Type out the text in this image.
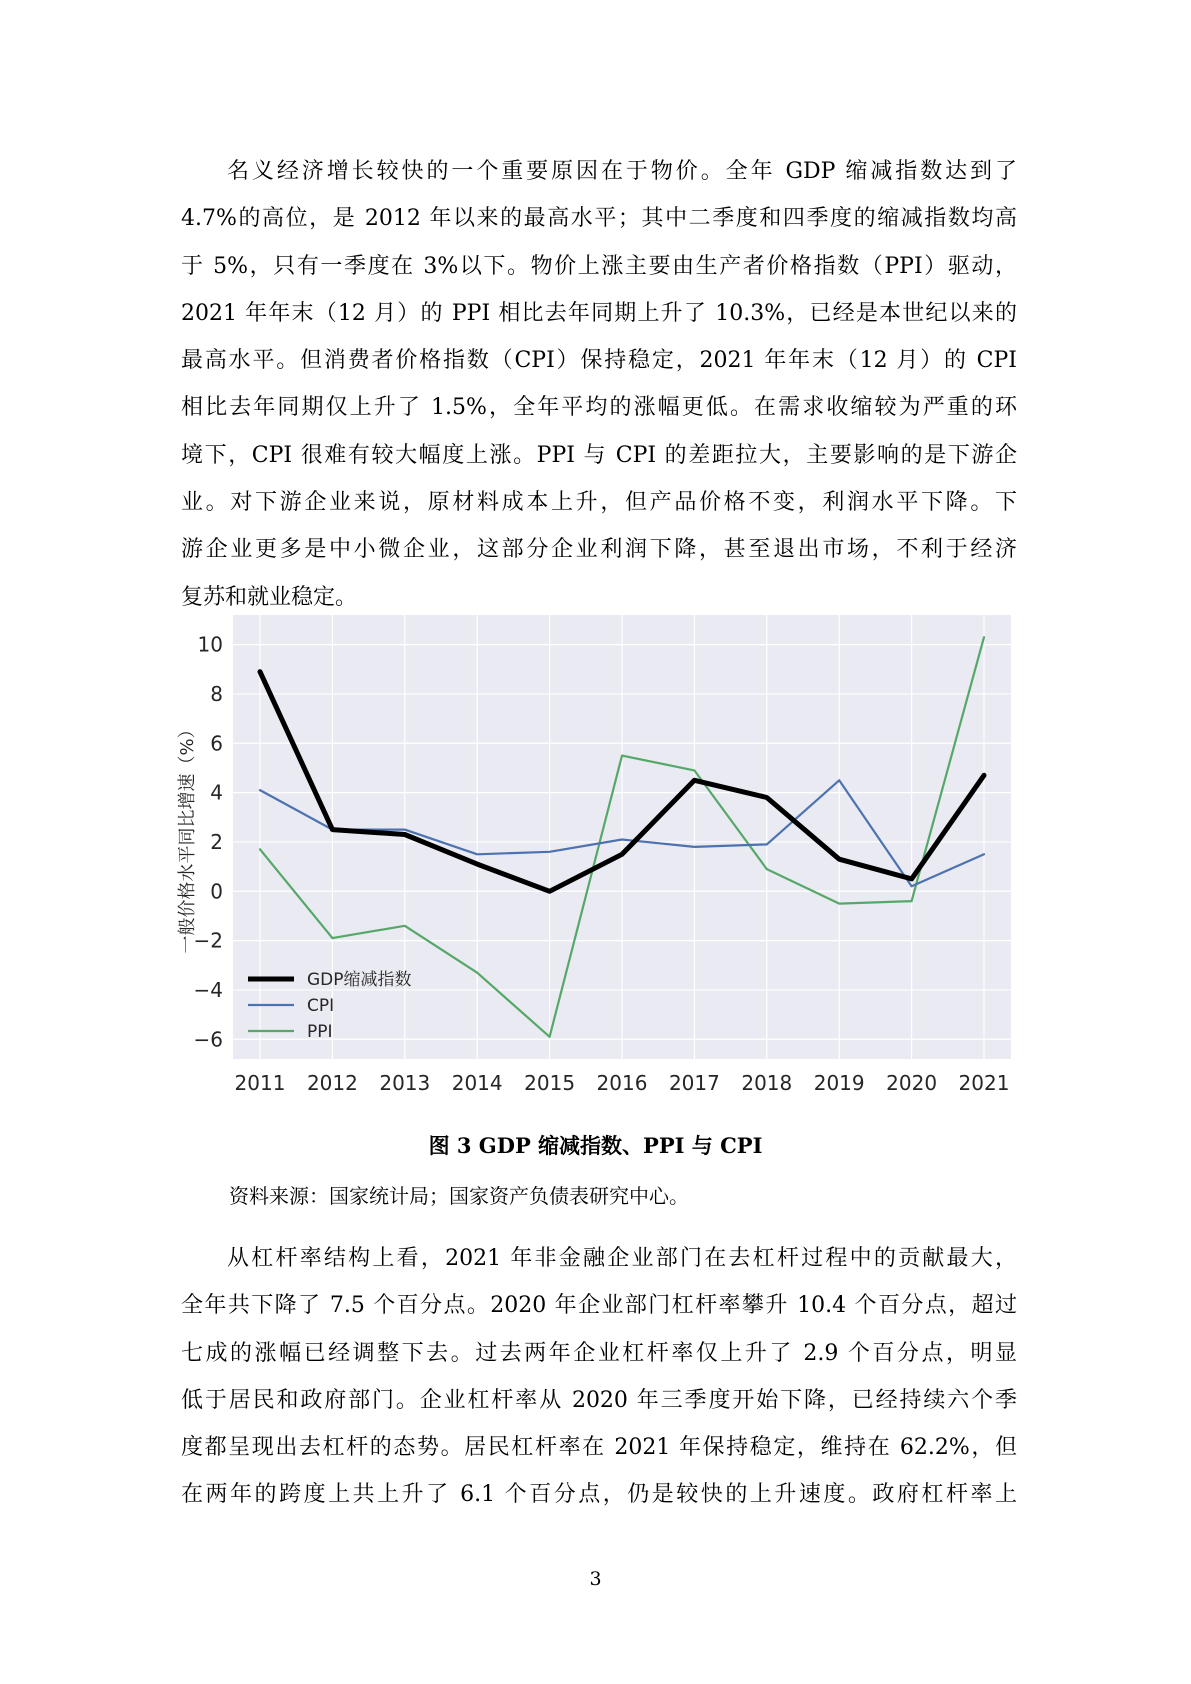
名义经济增长较快的一个重要原因在于物价。全年 GDP 缩减指数达到了
4.7%的高位，是 2012 年以来的最高水平；其中二季度和四季度的缩减指数均高
于 5%，只有一季度在 3%以下。物价上涨主要由生产者价格指数（PPI）驱动，
2021 年年末（12 月）的 PPI 相比去年同期上升了 10.3%，已经是本世纪以来的
最高水平。但消费者价格指数（CPI）保持稳定，2021 年年末（12 月）的 CPI
相比去年同期仅上升了 1.5%，全年平均的涨幅更低。在需求收缩较为严重的环
境下，CPI 很难有较大幅度上涨。PPI 与 CPI 的差距拉大，主要影响的是下游企
业。对下游企业来说，原材料成本上升，但产品价格不变，利润水平下降。下
游企业更多是中小微企业，这部分企业利润下降，甚至退出市场，不利于经济
复苏和就业稳定。
−6
−4
−2
0
2
4
6
8
10
2011 2012 2013 2014 2015 2016 2017 2018 2019 2020 2021
一般价格水平同比增速（%）
GDP缩减指数
CPI
PPI
图 3 GDP 缩减指数、PPI 与 CPI
资料来源：国家统计局；国家资产负债表研究中心。
从杠杆率结构上看，2021 年非金融企业部门在去杠杆过程中的贡献最大，
全年共下降了 7.5 个百分点。2020 年企业部门杠杆率攀升 10.4 个百分点，超过
七成的涨幅已经调整下去。过去两年企业杠杆率仅上升了 2.9 个百分点，明显
低于居民和政府部门。企业杠杆率从 2020 年三季度开始下降，已经持续六个季
度都呈现出去杠杆的态势。居民杠杆率在 2021 年保持稳定，维持在 62.2%，但
在两年的跨度上共上升了 6.1 个百分点，仍是较快的上升速度。政府杠杆率上
3
